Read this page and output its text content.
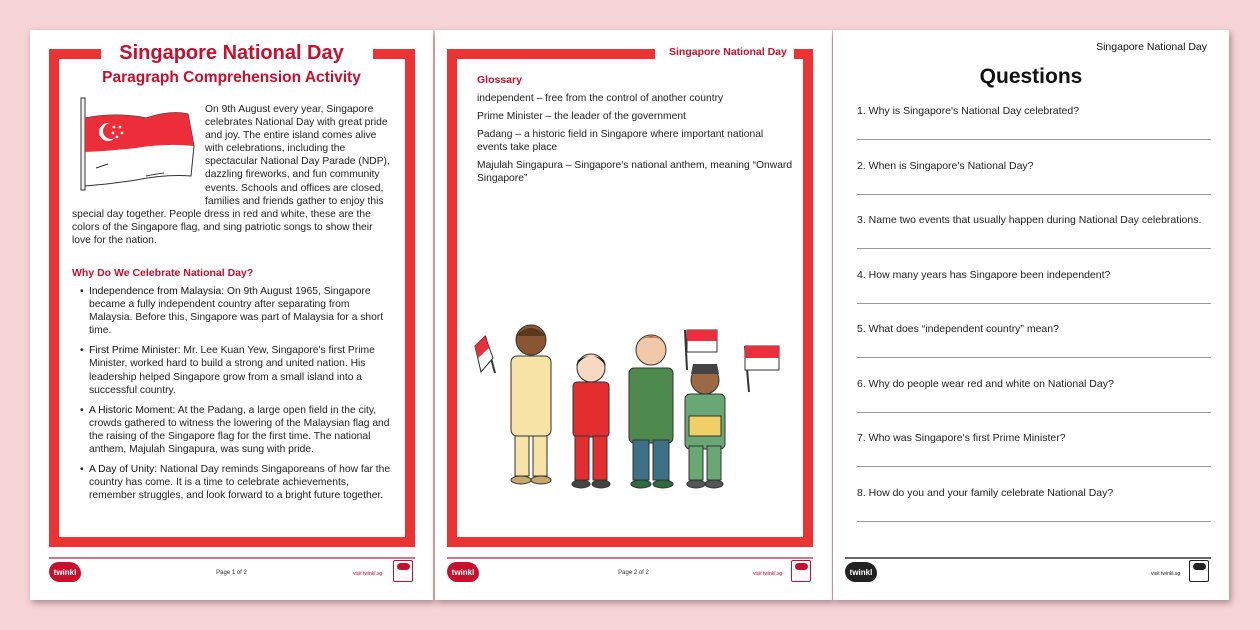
Singapore National Day
Paragraph Comprehension Activity
On 9th August every year, Singapore celebrates National Day with great pride and joy. The entire island comes alive with celebrations, including the spectacular National Day Parade (NDP), dazzling fireworks, and fun community events. Schools and offices are closed, families and friends gather to enjoy this special day together. People dress in red and white, these are the colors of the Singapore flag, and sing patriotic songs to show their love for the nation.
Why Do We Celebrate National Day?
• Independence from Malaysia: On 9th August 1965, Singapore became a fully independent country after separating from Malaysia. Before this, Singapore was part of Malaysia for a short time.
• First Prime Minister: Mr. Lee Kuan Yew, Singapore's first Prime Minister, worked hard to build a strong and united nation. His leadership helped Singapore grow from a small island into a successful country.
• A Historic Moment: At the Padang, a large open field in the city, crowds gathered to witness the lowering of the Malaysian flag and the raising of the Singapore flag for the first time. The national anthem, Majulah Singapura, was sung with pride.
• A Day of Unity: National Day reminds Singaporeans of how far the country has come. It is a time to celebrate achievements, remember struggles, and look forward to a bright future together.
twinkl	Page 1 of 2	visit twinkl.sg
Singapore National Day
Glossary

independent – free from the control of another country

Prime Minister – the leader of the government

Padang – a historic field in Singapore where important national events take place

Majulah Singapura – Singapore's national anthem, meaning “Onward Singapore”

twinkl	Page 2 of 2	visit twinkl.sg
Singapore National Day
Questions
1. Why is Singapore's National Day celebrated?
2. When is Singapore's National Day?
3. Name two events that usually happen during National Day celebrations.
4. How many years has Singapore been independent?
5. What does “independent country” mean?
6. Why do people wear red and white on National Day?
7. Who was Singapore's first Prime Minister?
8. How do you and your family celebrate National Day?
twinkl	visit twinkl.sg
